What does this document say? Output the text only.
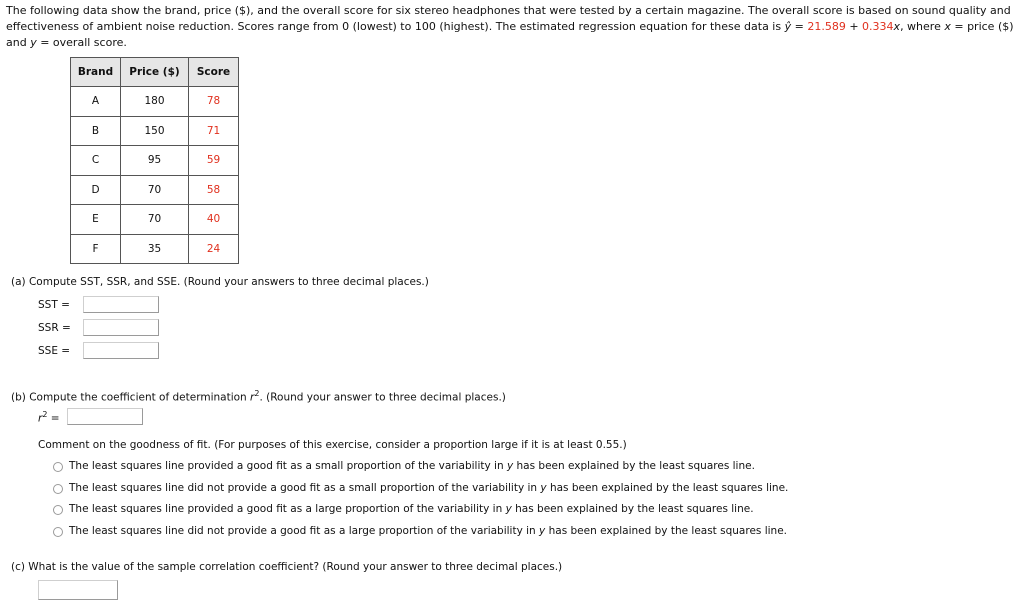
The following data show the brand, price ($), and the overall score for six stereo headphones that were tested by a certain magazine. The overall score is based on sound quality and effectiveness of ambient noise reduction. Scores range from 0 (lowest) to 100 (highest). The estimated regression equation for these data is ŷ = 21.589 + 0.334x, where x = price ($) and y = overall score.
Brand	Price ($)	Score
A	180	78
B	150	71
C	95	59
D	70	58
E	70	40
F	35	24
(a) Compute SST, SSR, and SSE. (Round your answers to three decimal places.)
SST =
SSR =
SSE =
(b) Compute the coefficient of determination $r^2$. (Round your answer to three decimal places.)
$r^2$ =
Comment on the goodness of fit. (For purposes of this exercise, consider a proportion large if it is at least 0.55.)
The least squares line provided a good fit as a small proportion of the variability in y has been explained by the least squares line.
The least squares line did not provide a good fit as a small proportion of the variability in y has been explained by the least squares line.
The least squares line provided a good fit as a large proportion of the variability in y has been explained by the least squares line.
The least squares line did not provide a good fit as a large proportion of the variability in y has been explained by the least squares line.
(c) What is the value of the sample correlation coefficient? (Round your answer to three decimal places.)
